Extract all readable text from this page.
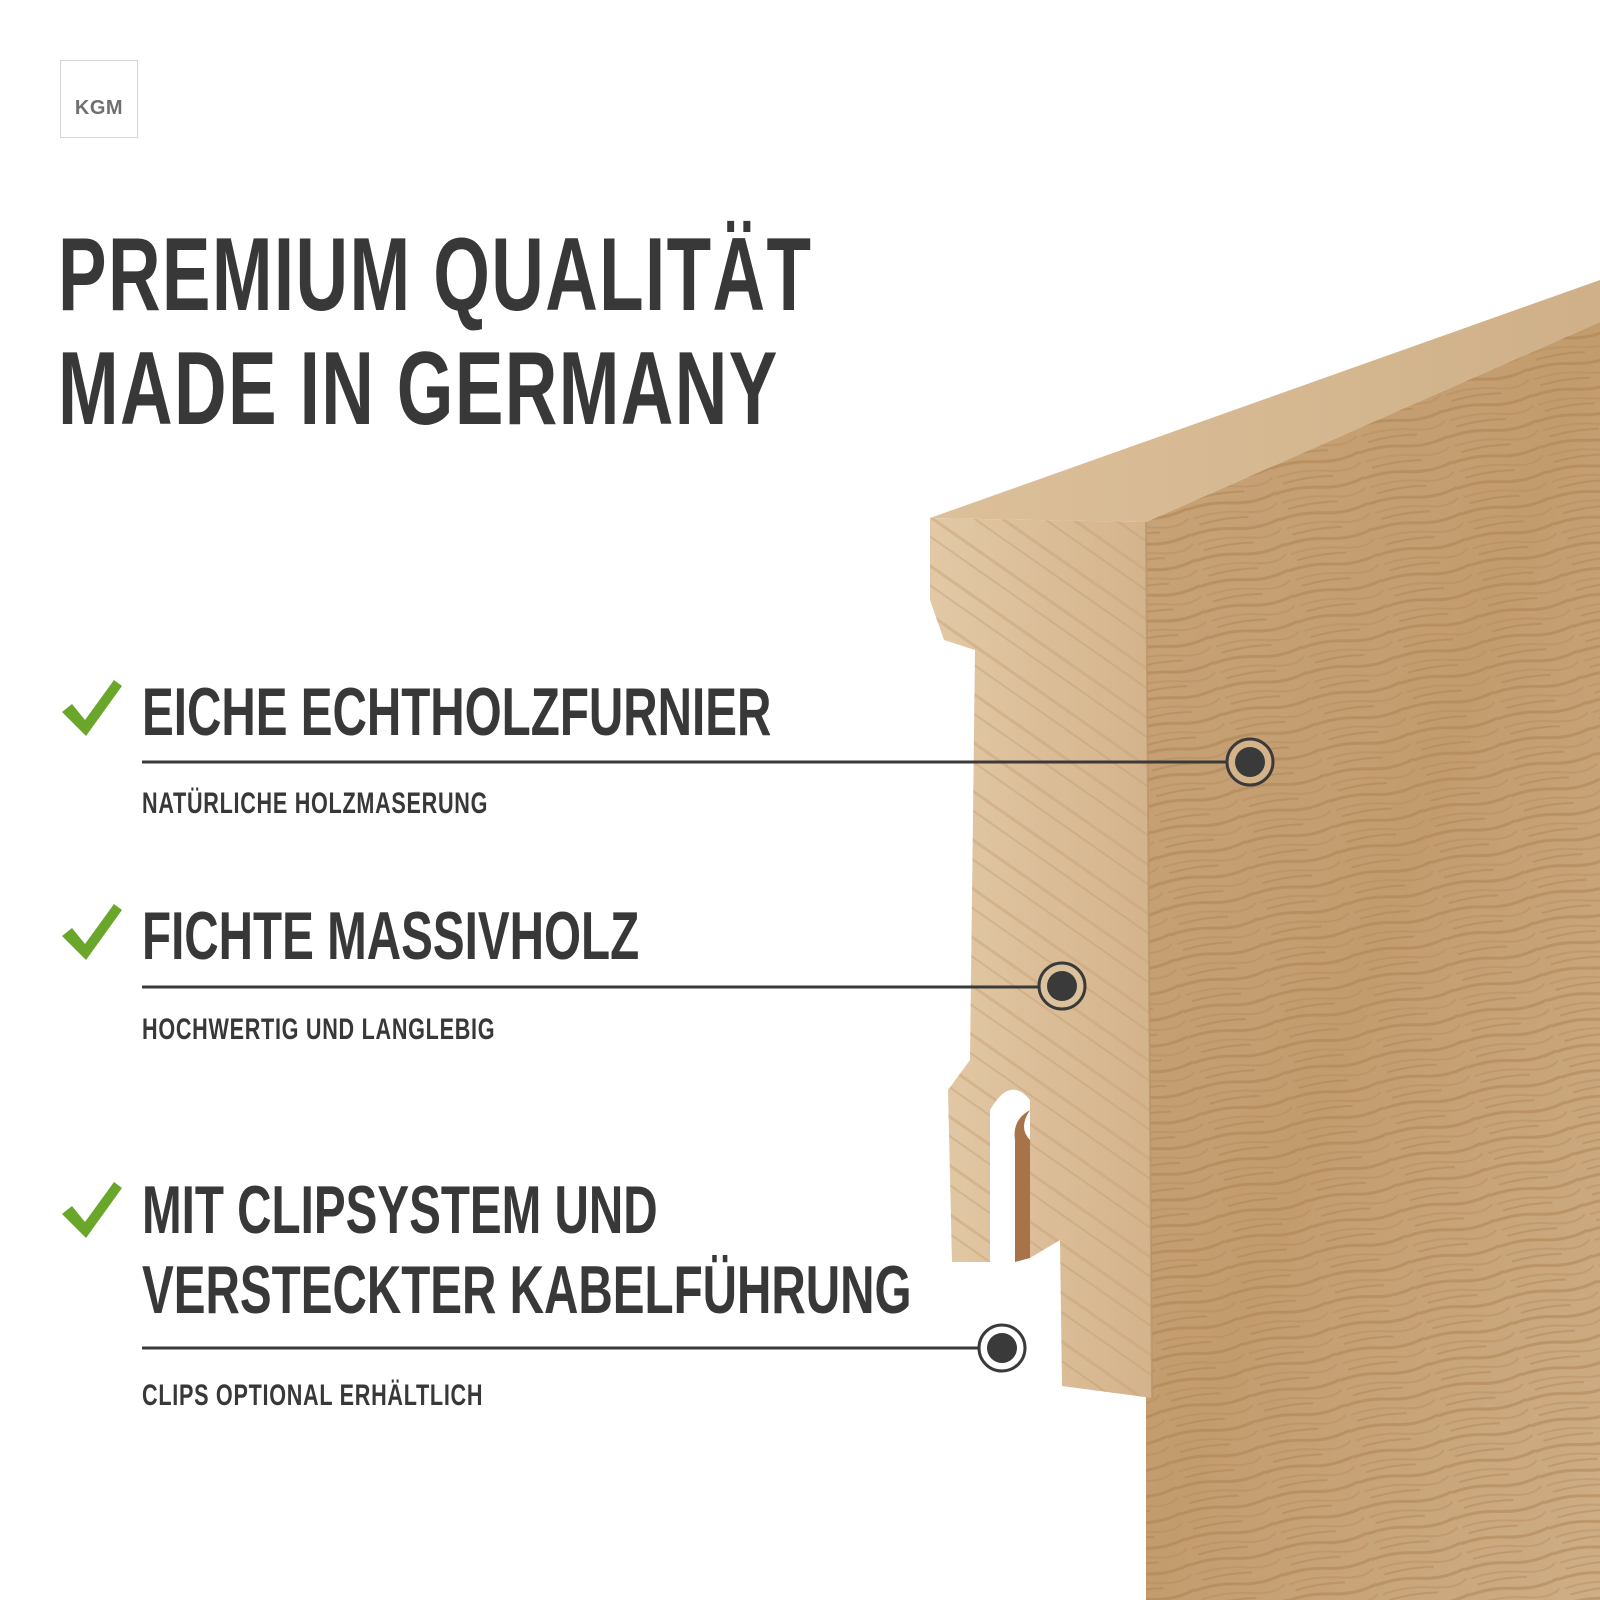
KGM
PREMIUM QUALITÄT
MADE IN GERMANY
EICHE ECHTHOLZFURNIER
NATÜRLICHE HOLZMASERUNG
FICHTE MASSIVHOLZ
HOCHWERTIG UND LANGLEBIG
MIT CLIPSYSTEM UND
VERSTECKTER KABELFÜHRUNG
CLIPS OPTIONAL ERHÄLTLICH
